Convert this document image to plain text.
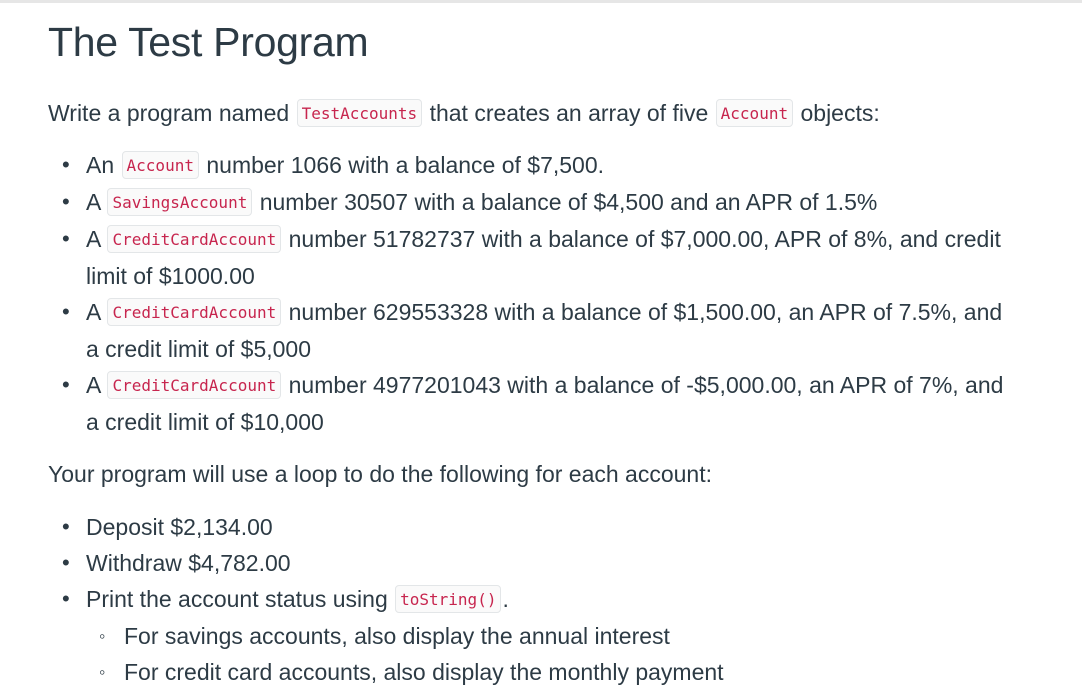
The Test Program

Write a program named TestAccounts that creates an array of five Account objects:

• An Account number 1066 with a balance of $7,500.
• A SavingsAccount number 30507 with a balance of $4,500 and an APR of 1.5%
• A CreditCardAccount number 51782737 with a balance of $7,000.00, APR of 8%, and credit limit of $1000.00
• A CreditCardAccount number 629553328 with a balance of $1,500.00, an APR of 7.5%, and a credit limit of $5,000
• A CreditCardAccount number 4977201043 with a balance of -$5,000.00, an APR of 7%, and a credit limit of $10,000

Your program will use a loop to do the following for each account:

• Deposit $2,134.00
• Withdraw $4,782.00
• Print the account status using toString() .
◦ For savings accounts, also display the annual interest
◦ For credit card accounts, also display the monthly payment
